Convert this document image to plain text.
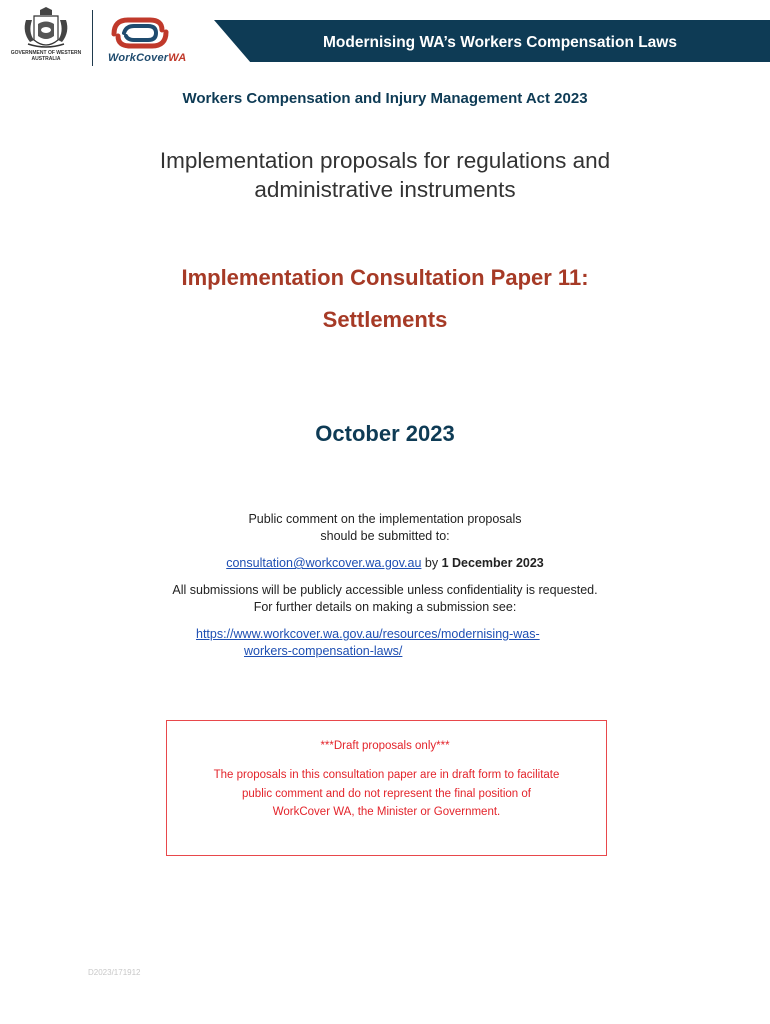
GOVERNMENT OF WESTERN AUSTRALIA	WorkCoverWA
Modernising WA’s Workers Compensation Laws
Workers Compensation and Injury Management Act 2023
Implementation proposals for regulations and
administrative instruments
Implementation Consultation Paper 11:
Settlements
October 2023
Public comment on the implementation proposals
should be submitted to:
consultation@workcover.wa.gov.au by 1 December 2023
All submissions will be publicly accessible unless confidentiality is requested.
For further details on making a submission see:
https://www.workcover.wa.gov.au/resources/modernising-was-
workers-compensation-laws/
***Draft proposals only***
The proposals in this consultation paper are in draft form to facilitate
public comment and do not represent the final position of
WorkCover WA, the Minister or Government.
D2023/171912
